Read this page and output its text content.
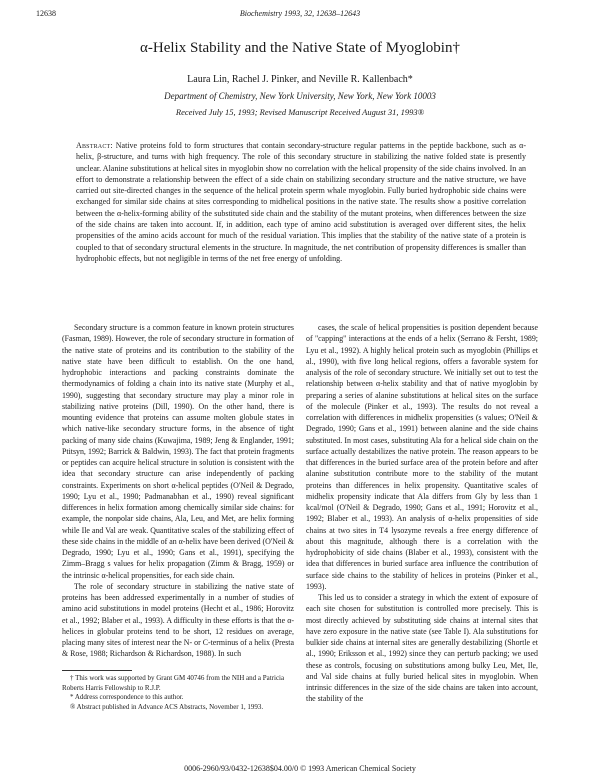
12638	Biochemistry 1993, 32, 12638–12643
α-Helix Stability and the Native State of Myoglobin†
Laura Lin, Rachel J. Pinker, and Neville R. Kallenbach*
Department of Chemistry, New York University, New York, New York 10003
Received July 15, 1993; Revised Manuscript Received August 31, 1993®
Abstract: Native proteins fold to form structures that contain secondary-structure regular patterns in the peptide backbone, such as α-helix, β-structure, and turns with high frequency. The role of this secondary structure in stabilizing the native folded state is presently unclear. Alanine substitutions at helical sites in myoglobin show no correlation with the helical propensity of the side chains involved. In an effort to demonstrate a relationship between the effect of a side chain on stabilizing secondary structure and the native structure, we have carried out site-directed changes in the sequence of the helical protein sperm whale myoglobin. Fully buried hydrophobic side chains were exchanged for similar side chains at sites corresponding to midhelical positions in the native state. The results show a positive correlation between the α-helix-forming ability of the substituted side chain and the stability of the mutant proteins, when differences between the size of the side chains are taken into account. If, in addition, each type of amino acid substitution is averaged over different sites, the helix propensities of the amino acids account for much of the residual variation. This implies that the stability of the native state of a protein is coupled to that of secondary structural elements in the structure. In magnitude, the net contribution of propensity differences is smaller than hydrophobic effects, but not negligible in terms of the net free energy of unfolding.

Secondary structure is a common feature in known protein structures (Fasman, 1989). However, the role of secondary structure in formation of the native state of proteins and its contribution to the stability of the native state have been difficult to establish. On the one hand, hydrophobic interactions and packing constraints dominate the thermodynamics of folding a chain into its native state (Murphy et al., 1990), suggesting that secondary structure may play a minor role in stabilizing native proteins (Dill, 1990). On the other hand, there is mounting evidence that proteins can assume molten globule states in which native-like secondary structure forms, in the absence of tight packing of many side chains (Kuwajima, 1989; Jeng & Englander, 1991; Ptitsyn, 1992; Barrick & Baldwin, 1993). The fact that protein fragments or peptides can acquire helical structure in solution is consistent with the idea that secondary structure can arise independently of packing constraints. Experiments on short α-helical peptides (O'Neil & Degrado, 1990; Lyu et al., 1990; Padmanabhan et al., 1990) reveal significant differences in helix formation among chemically similar side chains: for example, the nonpolar side chains, Ala, Leu, and Met, are helix forming while Ile and Val are weak. Quantitative scales of the stabilizing effect of these side chains in the middle of an α-helix have been derived (O'Neil & Degrado, 1990; Lyu et al., 1990; Gans et al., 1991), specifying the Zimm–Bragg s values for helix propagation (Zimm & Bragg, 1959) or the intrinsic α-helical propensities, for each side chain.

The role of secondary structure in stabilizing the native state of proteins has been addressed experimentally in a number of studies of amino acid substitutions in model proteins (Hecht et al., 1986; Horovitz et al., 1992; Blaber et al., 1993). A difficulty in these efforts is that the α-helices in globular proteins tend to be short, 12 residues on average, placing many sites of interest near the N- or C-terminus of a helix (Presta & Rose, 1988; Richardson & Richardson, 1988). In such

cases, the scale of helical propensities is position dependent because of "capping" interactions at the ends of a helix (Serrano & Fersht, 1989; Lyu et al., 1992). A highly helical protein such as myoglobin (Phillips et al., 1990), with five long helical regions, offers a favorable system for analysis of the role of secondary structure. We initially set out to test the relationship between α-helix stability and that of native myoglobin by preparing a series of alanine substitutions at helical sites on the surface of the molecule (Pinker et al., 1993). The results do not reveal a correlation with differences in midhelix propensities (s values; O'Neil & Degrado, 1990; Gans et al., 1991) between alanine and the side chains substituted. In most cases, substituting Ala for a helical side chain on the surface actually destabilizes the native protein. The reason appears to be that differences in the buried surface area of the protein before and after alanine substitution contribute more to the stability of the mutant proteins than differences in helix propensity. Quantitative scales of midhelix propensity indicate that Ala differs from Gly by less than 1 kcal/mol (O'Neil & Degrado, 1990; Gans et al., 1991; Horovitz et al., 1992; Blaber et al., 1993). An analysis of α-helix propensities of side chains at two sites in T4 lysozyme reveals a free energy difference of about this magnitude, although there is a correlation with the hydrophobicity of side chains (Blaber et al., 1993), consistent with the idea that differences in buried surface area influence the contribution of surface side chains to the stability of helices in proteins (Pinker et al., 1993).

This led us to consider a strategy in which the extent of exposure of each site chosen for substitution is controlled more precisely. This is most directly achieved by substituting side chains at internal sites that have zero exposure in the native state (see Table I). Ala substitutions for bulkier side chains at internal sites are generally destabilizing (Shortle et al., 1990; Eriksson et al., 1992) since they can perturb packing; we used these as controls, focusing on substitutions among bulky Leu, Met, Ile, and Val side chains at fully buried helical sites in myoglobin. When intrinsic differences in the size of the side chains are taken into account, the stability of the

† This work was supported by Grant GM 40746 from the NIH and a Patricia Roberts Harris Fellowship to R.J.P.
* Address correspondence to this author.
® Abstract published in Advance ACS Abstracts, November 1, 1993.
0006-2960/93/0432-12638$04.00/0 © 1993 American Chemical Society
